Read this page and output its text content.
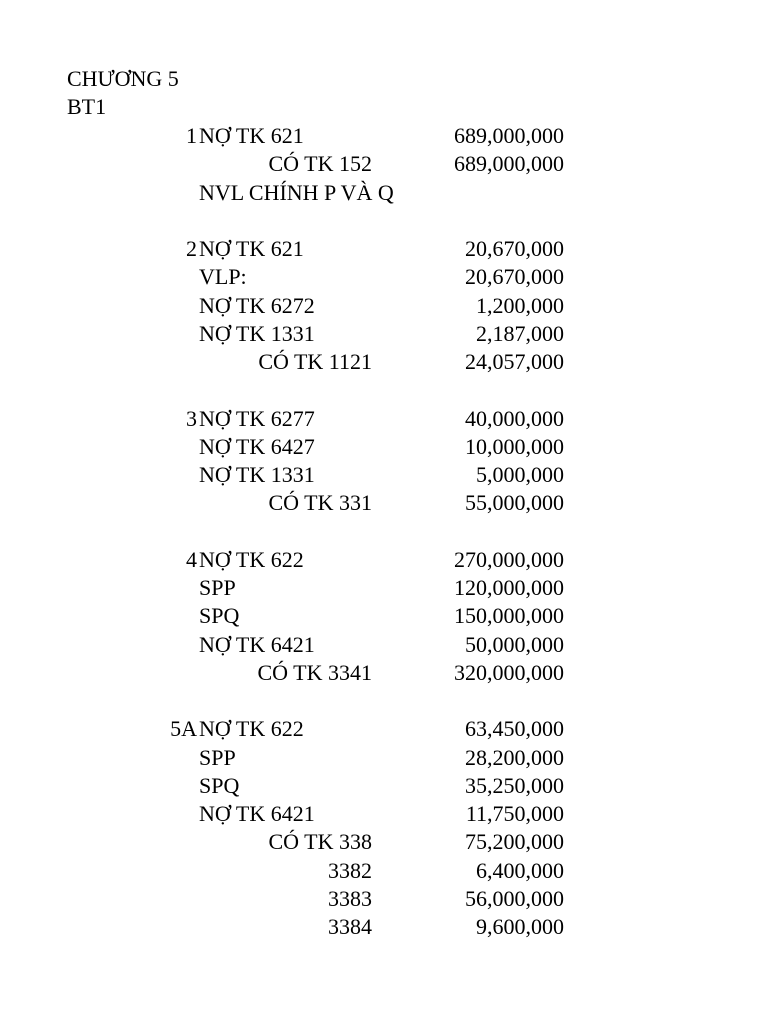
CHƯƠNG 5
BT1
1 NỢ TK 621	689,000,000
CÓ TK 152	689,000,000
NVL CHÍNH P VÀ Q
2 NỢ TK 621	20,670,000
VLP:	20,670,000
NỢ TK 6272	1,200,000
NỢ TK 1331	2,187,000
CÓ TK 1121	24,057,000
3 NỢ TK 6277	40,000,000
NỢ TK 6427	10,000,000
NỢ TK 1331	5,000,000
CÓ TK 331	55,000,000
4 NỢ TK 622	270,000,000
SPP	120,000,000
SPQ	150,000,000
NỢ TK 6421	50,000,000
CÓ TK 3341	320,000,000
5A NỢ TK 622	63,450,000
SPP	28,200,000
SPQ	35,250,000
NỢ TK 6421	11,750,000
CÓ TK 338	75,200,000
3382	6,400,000
3383	56,000,000
3384	9,600,000
